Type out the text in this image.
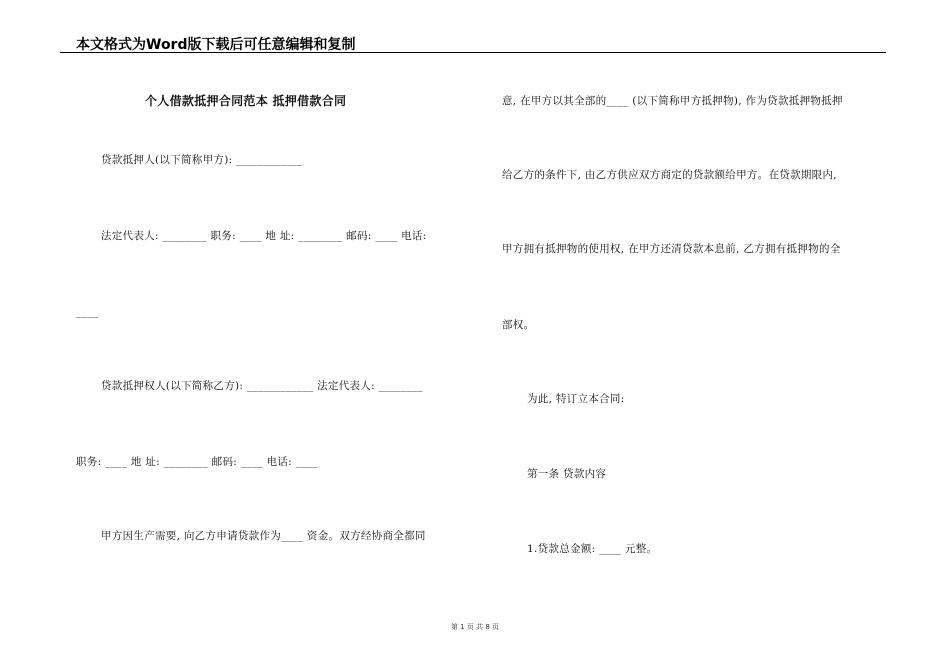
本文格式为Word版下载后可任意编辑和复制
个人借款抵押合同范本 抵押借款合同
贷款抵押人(以下简称甲方): ____________
法定代表人: ________ 职务: ____ 地 址: ________ 邮码: ____ 电话:
____
贷款抵押权人(以下简称乙方): ____________ 法定代表人: ________
职务: ____ 地 址: ________ 邮码: ____ 电话: ____
甲方因生产需要, 向乙方申请贷款作为____ 资金。双方经协商全都同
意, 在甲方以其全部的____ (以下简称甲方抵押物), 作为贷款抵押物抵押
给乙方的条件下, 由乙方供应双方商定的贷款额给甲方。在贷款期限内,
甲方拥有抵押物的使用权, 在甲方还清贷款本息前, 乙方拥有抵押物的全
部权。
为此, 特订立本合同:
第一条 贷款内容
1.贷款总金额: ____ 元整。
第 1 页 共 8 页
